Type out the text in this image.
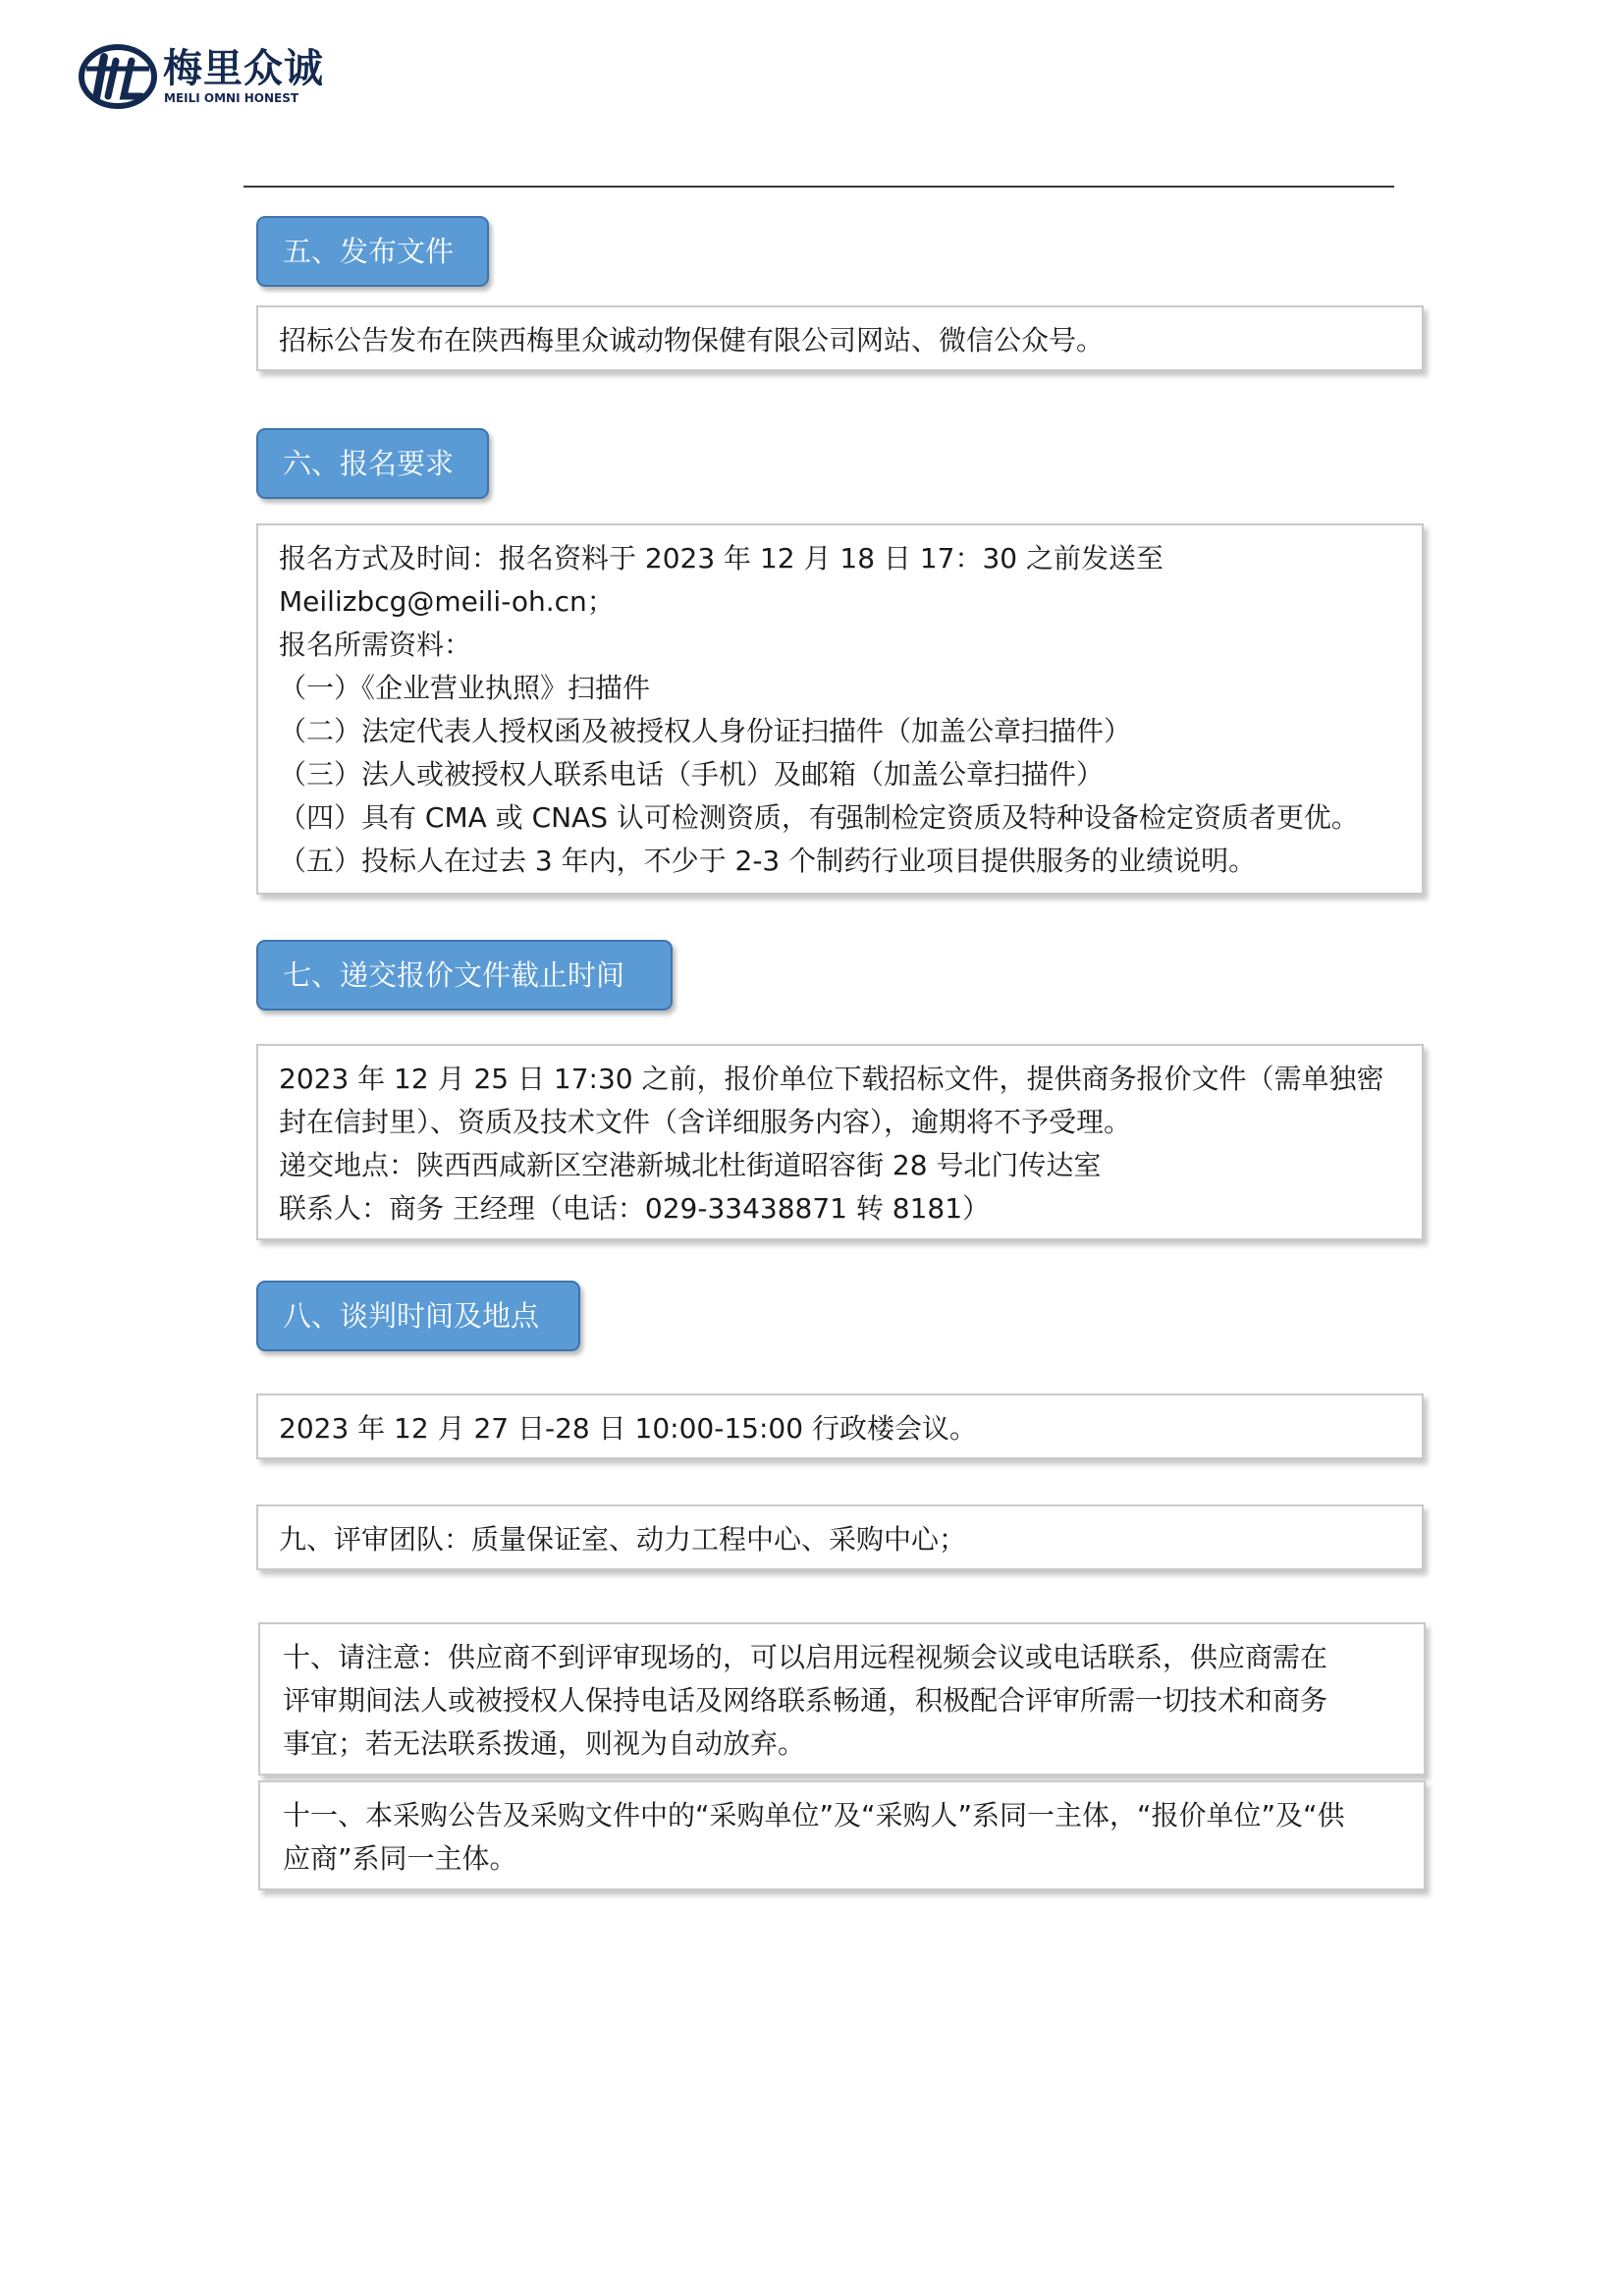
梅里众诚
MEILI OMNI HONEST
五、发布文件
招标公告发布在陕西梅里众诚动物保健有限公司网站、微信公众号。
六、报名要求
报名方式及时间：报名资料于 2023 年 12 月 18 日 17：30 之前发送至
Meilizbcg@meili-oh.cn；
报名所需资料：
（一）《企业营业执照》扫描件
（二）法定代表人授权函及被授权人身份证扫描件（加盖公章扫描件）
（三）法人或被授权人联系电话（手机）及邮箱（加盖公章扫描件）
（四）具有 CMA 或 CNAS 认可检测资质，有强制检定资质及特种设备检定资质者更优。
（五）投标人在过去 3 年内，不少于 2-3 个制药行业项目提供服务的业绩说明。
七、递交报价文件截止时间
2023 年 12 月 25 日 17:30 之前，报价单位下载招标文件，提供商务报价文件（需单独密
封在信封里）、资质及技术文件（含详细服务内容），逾期将不予受理。
递交地点：陕西西咸新区空港新城北杜街道昭容街 28 号北门传达室
联系人：商务 王经理（电话：029-33438871 转 8181）
八、谈判时间及地点
2023 年 12 月 27 日-28 日 10:00-15:00 行政楼会议。
九、评审团队：质量保证室、动力工程中心、采购中心；
十、请注意：供应商不到评审现场的，可以启用远程视频会议或电话联系，供应商需在
评审期间法人或被授权人保持电话及网络联系畅通，积极配合评审所需一切技术和商务
事宜；若无法联系拨通，则视为自动放弃。
十一、本采购公告及采购文件中的“采购单位”及“采购人”系同一主体，“报价单位”及“供
应商”系同一主体。
